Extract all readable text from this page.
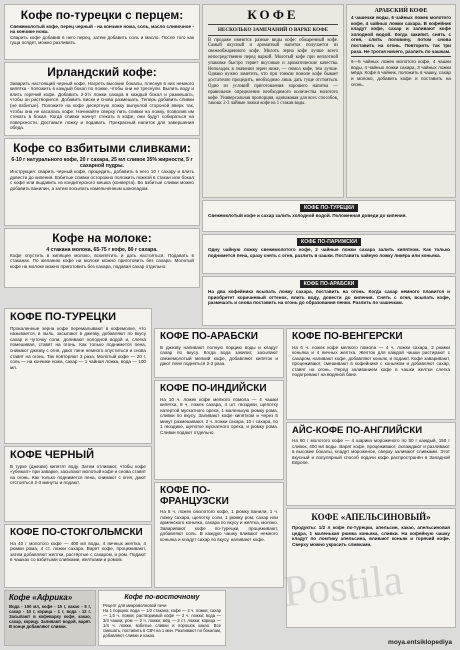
Кофе по-турецки с перцем:

Свежемолотый кофе, перец черный - на кончике ножа, соль, масло сливочное - на кончике ножа.

Сварить кофе добавив в него перец, затем добавить соль и масло. После того как гуща осядет, можно разливать.

Ирландский кофе:

Заварить настоящий черный кофе. Нагреть высокие бокалы, плеснув в них немного кипятка - положить в каждый бокал по ложке, чтобы они не треснули. Вылить воду и влить горячий кофе. Добавить 2-2½ ложки сахара в каждый бокал и размешать, чтобы он растворился. Добавить виски и снова размешать. Теперь добавить сливки (не взбитые). Положите на кофе десертную ложку выпуклой стороной вверх так, чтобы она не касалась кофе. Начинайте сверху лить сливки на ложку, позволив им стекать в бокал. Когда сливки начнут стекать в кофе, они будут собираться на поверхности. Доставьте ложку и подавать. Прекрасный напиток для завершения обеда.

Кофе со взбитыми сливками:

6-10 г натурального кофе, 20 г сахара, 25 мл сливок 35% жирности, 5 г сахарной пудры.

Инструкция: сварить черный кофе, процедить, добавить в него 10 г сахару и влить довести до кипения. Взбитые сливки осторожно положить ложкой в стакан или бокал с кофе или выдавить из кондитерского мешка (конверта). Во взбитые сливки можно добавить ванилин, а затем посыпать измельченным шоколадом.

Кофе на молоке:

4 стакана молока, 65-75 г кофе, 80 г сахара.

Кофе опустить в кипящее молоко, вскипятить и дать настояться. Подавать в стаканах. По желанию кофе на молоке можно приготовить без сахара. Молотый кофе на молоке можно приготовить без сахара, подавая сахар отдельно.

КОФЕ
НЕСКОЛЬКО ЗАМЕЧАНИЙ О ВАРКЕ КОФЕ

В продаже имеются разные виды кофе: обжаренный кофе. Самый вкусный и ароматный напиток получается из свежеобжаренного кофе. Молоть зерна кофе лучше всего непосредственно перед варкой. Молотый кофе при неплотной упаковке быстро теряет вкусовые и ароматические качества. Неполадок в значении зерен ниже, — помол кофе, тем лучше. Однако нужно заметить, что при тонком помоле кофе бывает достаточно процедить, необходимо лишь дать гуще отстояться. Одно из условий приготовления хорошего напитка — правильное определение необходимого количества молотого кофе. Универсальная пропорция, одинаковая для всех способов, такова: 2-3 чайные ложки кофе на 1 стакан воды.

АРАБСКИЙ КОФЕ

4 чашечки воды, 6 чайных ложек молотого кофе, 4 чайных ложки сахара. В кофейник кладут кофе, сахар и заливают кофе холодной водой. Когда закипит, снять с огня, слить половину, потом снова поставить на огонь. Повторить так три раза. Не трогая ничего, разлить по чашкам.

6—5 чайных ложек молотого кофе, 4 чашки воды, 4 чайных ложки сахара, 3 чайных ложки мёда. Кофе в чайник, положить в чашку, сахар и молоко, добавить кофе и поставить на огонь.

КОФЕ ПО-ТУРЕЦКИ

Свежемолотый кофе и сахар залить холодной водой. Положенная доведи до кипения.

КОФЕ ПО-ПАРИЖСКИ

Одну чайную ложку свежемолотого кофе, 2 чайные ложки сахара залить кипятком. Как только поднимется пена, сразу снять с огня, разлить в чашки. Поставить чайную ложку ликёра или коньяка.

КОФЕ ПО-АРАБСКИ

На два кофейника всыпать ложку сахара, поставить на огонь. Когда сахар немного плавится и приобретет коричневый оттенок, влить воду, довести до кипения. Снять с огня, всыпать кофе, размешать и снова поставить на огонь до образования пенки. Разлить по чашечкам.

КОФЕ ПО-ТУРЕЦКИ

Прокаленные зерна кофе перемалывают в кофемолке, что называется, в пыль, засыпают в джезву, добавляют по вкусу сахар и чуточку соли, доливают холодной водой и, слегка помешивая, ставят на огонь. Как только поднимется пена, снимают джезву с огня, дают пене немного опуститься и снова ставят на огонь. Так повторяют 3 раза. Молотый кофе — 20 г, соль — на кончике ножа, сахар — 1 чайная ложка, вода — 100 мл.

КОФЕ ЧЕРНЫЙ

В турке (джезве) кипятят воду. Затем отливают, чтобы кофе «убежал» при заварке, засыпают молотый кофе и снова ставят на огонь. Как только поднимется пена, снимают с огня, дают отстояться 2-3 минуты и подают.

КОФЕ ПО-СТОКГОЛЬМСКИ

На 40 г молотого кофе — 400 мл воды, 4 яичных желтка, 4 рюмки рома, 4 ст. ложки сахара. Варят кофе, процеживают, затем добавляют желтки, растёртые с сахаром, и ром. Подают в чашках со взбитыми сливками, желтками и ромом.

Кофе «Африка»

Вода - 100 мл, кофе - 15 г, какао - 5 г, сахар - 10 г, корица - 1 г, вода - 12 г. Засыпают в кофеварку кофе, какао, сахар, корицу. Заливают водой, варят. В конце добавляют сливки.

Кофе по-восточному

Рецепт для микроволновой печи

На 1 порцию: вода — 1/2 стакана; кофе — 2 ч. ложки; сахар — 1,5 ч. ложки; растворимый кофе — 2 ч. ложки; вода — 3/4 чашки; ром — 2 ч. ложки; мёд — 2 ст. ложки; корица — 1/4 ч. ложки, взбитые сливки и порошок какао. Все смешать, поставить в СВЧ на 1 мин. Разливают по бокалам, добавляют сливки и какао.

КОФЕ ПО-АРАБСКИ

В джезву наливают полную порцию воды и кладут сахар по вкусу. Когда вода закипит, засыпают свежемолотый мелкий кофе, добавляют кипяток и дают пене подняться 2-3 раза.

КОФЕ ПО-ИНДИЙСКИ

На 10 ч. ложек кофе мелкого помола — 4 чашки кипятка, 8 ч. ложек сахара, 4 шт. гвоздики, щепотку натертой мускатного ореха, 1 маленькую рюмку рома, сливки по вкусу. Заливают кофе кипятком и через 5 минут размешивают. 2 ч. ложки сахара, 10 г сахара, по 1 гвоздике, щепотке мускатного ореха, и рюмку рома. Сливки подают отдельно.

КОФЕ ПО-ФРАНЦУЗСКИ

На 6 ч. ложек смолотого кофе, 1 рюмку ванили, 1 ч. ложку сахара, щепотку соли, 1 рюмку ром, сахар или армянского коньяка, сахара по вкусу и желтка, молоко. Заваривают кофе по-турецки, процеживают, добавляют соль. В каждую чашку вливают немного коньяка и кладут сахар по вкусу, наливают кофе.

КОФЕ ПО-ВЕНГЕРСКИ

На 6 ч. ложек кофе мелкого помола — 4 ч. ложки сахара, 2 рюмки коньяка и 4 яичных желтка. Желток для каждой чашки растирают с сахаром, наливают кофе, добавляют коньяк, и подают. Кофе заваривают, процеживают, смешивают в кофейнике с коньяком и добавляют сахар, ставят на огонь. Перед заливанием кофе в чашки желтки слегка подогревают на водяной бане.

АЙС-КОФЕ ПО-АНГЛИЙСКИ

На 60 г молотого кофе — 4 шарика мороженого по 50 г каждый, 150 г сливок, 400 мл воды. Варят кофе, процеживают, охлаждают и разливают в высокие бокалы, кладут мороженое, сверху заливают сливками. Этот вкусный и популярный способ подачи кофе распространён в Западной Европе.

КОФЕ «АПЕЛЬСИНОВЫЙ»

Продукты: 1/2 л кофе по-турецки, апельсин, какао, апельсиновая цедра, 1 маленькая рюмка коньяка, сливки. На кофейную чашку кладут по ломтику апельсина, вливают коньяк и горячий кофе. Сверху можно украсить сливками.

Postila
moya.entsiklopediya
